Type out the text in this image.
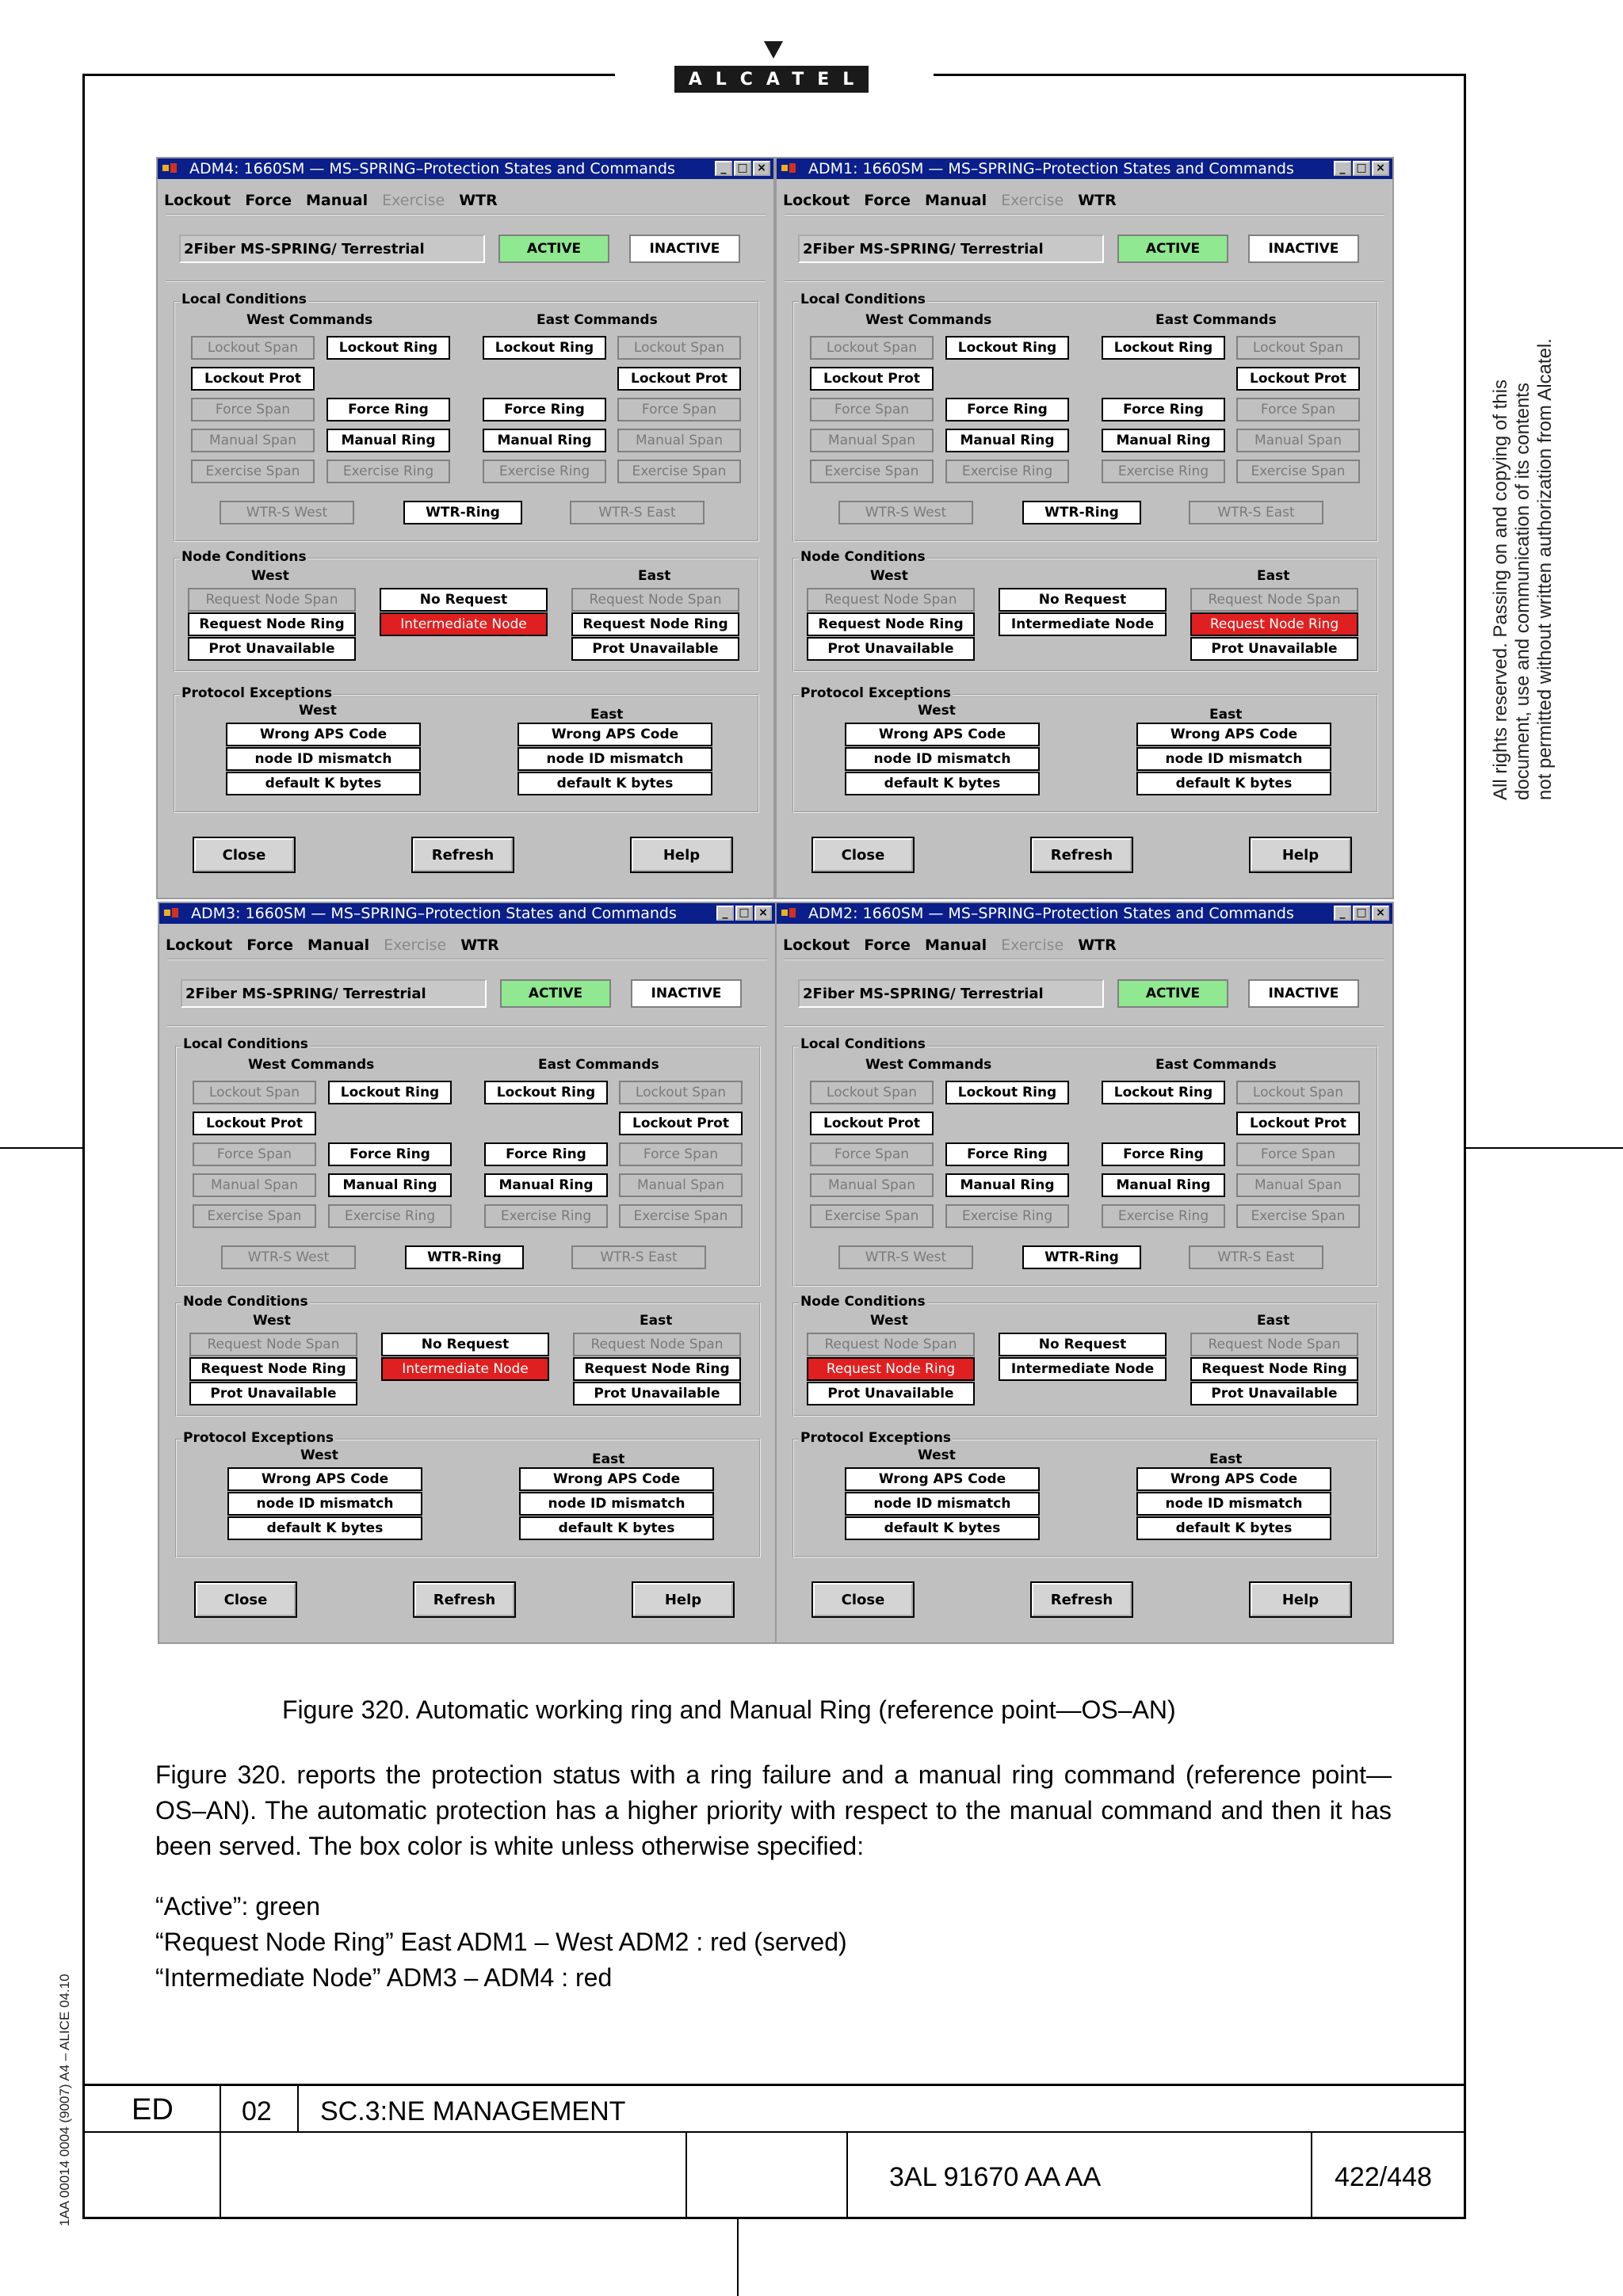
ALCATEL
All rights reserved. Passing on and copying of this document, use and communication of its contents not permitted without written authorization from Alcatel.
1AA 00014 0004 (9007) A4 – ALICE 04.10
ADM4: 1660SM — MS–SPRING–Protection States and Commands	_ □ ×
Lockout Force Manual Exercise WTR
2Fiber MS-SPRING/ Terrestrial	ACTIVE	INACTIVE
Local Conditions
West Commands	East Commands
Lockout Span	Lockout Ring
Lockout Prot
Force Span	Force Ring
Manual Span	Manual Ring
Exercise Span	Exercise Ring
Lockout Ring	Lockout Span
Lockout Prot
Force Ring	Force Span
Manual Ring	Manual Span
Exercise Ring	Exercise Span
WTR-S West	WTR-Ring	WTR-S East
Node Conditions
West	East
Request Node Span
Request Node Ring
Prot Unavailable
No Request
Intermediate Node
Request Node Span
Request Node Ring
Prot Unavailable
Protocol Exceptions
West	East
Wrong APS Code	Wrong APS Code
node ID mismatch	node ID mismatch
default K bytes	default K bytes
Close	Refresh	Help
ADM1: 1660SM — MS–SPRING–Protection States and Commands	_ □ ×
Lockout Force Manual Exercise WTR
2Fiber MS-SPRING/ Terrestrial	ACTIVE	INACTIVE
Local Conditions
West Commands	East Commands
Lockout Span	Lockout Ring
Lockout Prot
Force Span	Force Ring
Manual Span	Manual Ring
Exercise Span	Exercise Ring
Lockout Ring	Lockout Span
Lockout Prot
Force Ring	Force Span
Manual Ring	Manual Span
Exercise Ring	Exercise Span
WTR-S West	WTR-Ring	WTR-S East
Node Conditions
West	East
Request Node Span
Request Node Ring
Prot Unavailable
No Request
Intermediate Node
Request Node Span
Request Node Ring
Prot Unavailable
Protocol Exceptions
West	East
Wrong APS Code	Wrong APS Code
node ID mismatch	node ID mismatch
default K bytes	default K bytes
Close	Refresh	Help
ADM3: 1660SM — MS–SPRING–Protection States and Commands	_ □ ×
Lockout Force Manual Exercise WTR
2Fiber MS-SPRING/ Terrestrial	ACTIVE	INACTIVE
Local Conditions
West Commands	East Commands
Lockout Span	Lockout Ring
Lockout Prot
Force Span	Force Ring
Manual Span	Manual Ring
Exercise Span	Exercise Ring
Lockout Ring	Lockout Span
Lockout Prot
Force Ring	Force Span
Manual Ring	Manual Span
Exercise Ring	Exercise Span
WTR-S West	WTR-Ring	WTR-S East
Node Conditions
West	East
Request Node Span
Request Node Ring
Prot Unavailable
No Request
Intermediate Node
Request Node Span
Request Node Ring
Prot Unavailable
Protocol Exceptions
West	East
Wrong APS Code	Wrong APS Code
node ID mismatch	node ID mismatch
default K bytes	default K bytes
Close	Refresh	Help
ADM2: 1660SM — MS–SPRING–Protection States and Commands	_ □ ×
Lockout Force Manual Exercise WTR
2Fiber MS-SPRING/ Terrestrial	ACTIVE	INACTIVE
Local Conditions
West Commands	East Commands
Lockout Span	Lockout Ring
Lockout Prot
Force Span	Force Ring
Manual Span	Manual Ring
Exercise Span	Exercise Ring
Lockout Ring	Lockout Span
Lockout Prot
Force Ring	Force Span
Manual Ring	Manual Span
Exercise Ring	Exercise Span
WTR-S West	WTR-Ring	WTR-S East
Node Conditions
West	East
Request Node Span
Request Node Ring
Prot Unavailable
No Request
Intermediate Node
Request Node Span
Request Node Ring
Prot Unavailable
Protocol Exceptions
West	East
Wrong APS Code	Wrong APS Code
node ID mismatch	node ID mismatch
default K bytes	default K bytes
Close	Refresh	Help
Figure 320. Automatic working ring and Manual Ring (reference point—OS–AN)
Figure 320. reports the protection status with a ring failure and a manual ring command (reference point—OS–AN). The automatic protection has a higher priority with respect to the manual command and then it has been served. The box color is white unless otherwise specified:
“Active”: green
“Request Node Ring” East ADM1 – West ADM2 : red (served)
“Intermediate Node” ADM3 – ADM4 : red
ED	02 SC.3:NE MANAGEMENT
3AL 91670 AA AA	422/448
